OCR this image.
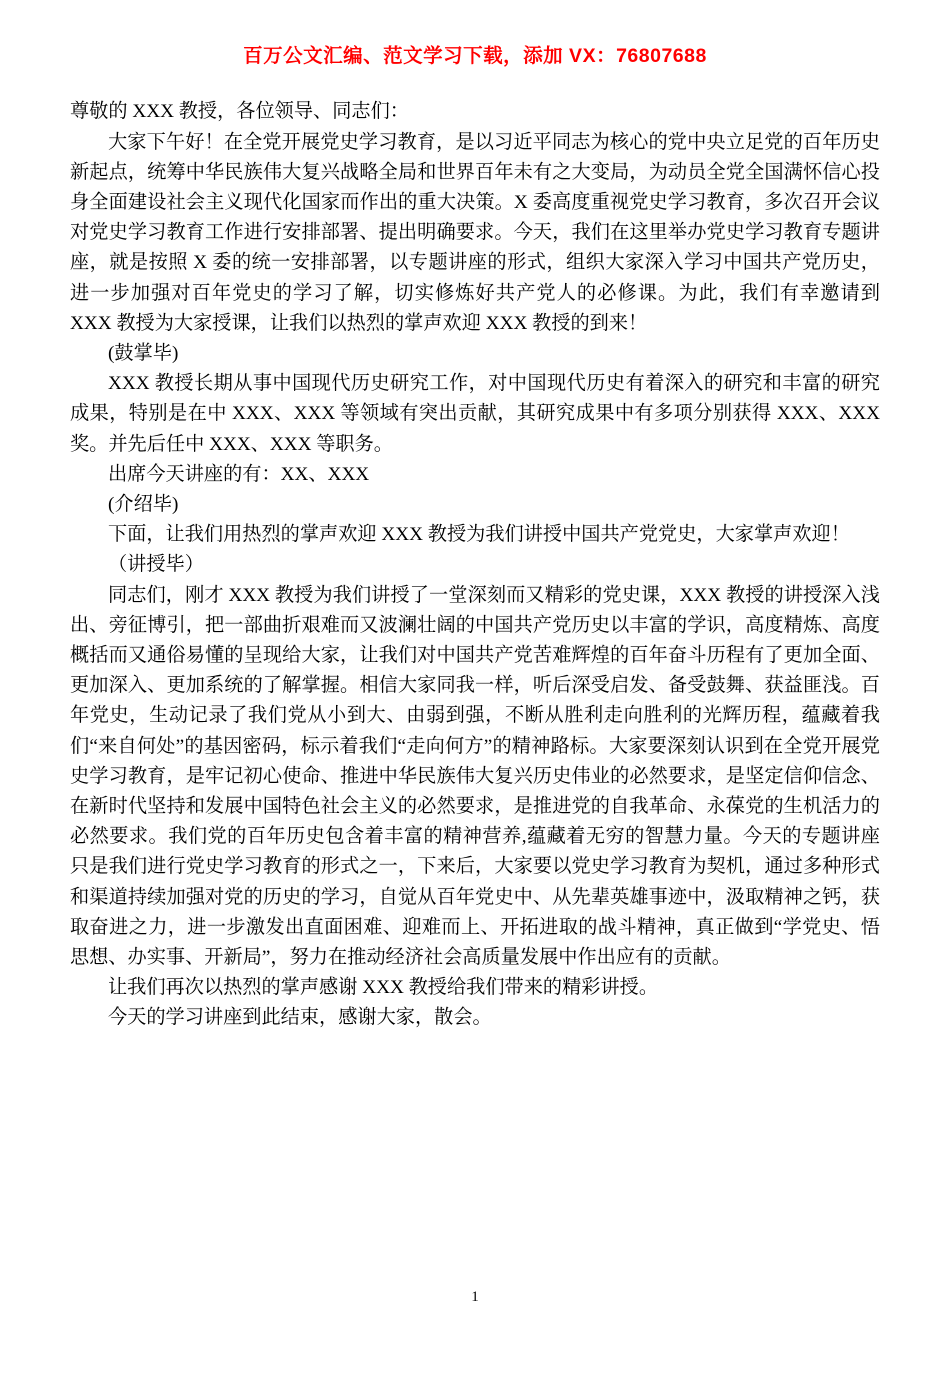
百万公文汇编、范文学习下载，添加 VX：76807688

尊敬的 XXX 教授，各位领导、同志们：

大家下午好！在全党开展党史学习教育，是以习近平同志为核心的党中央立足党的百年历史新起点，统筹中华民族伟大复兴战略全局和世界百年未有之大变局，为动员全党全国满怀信心投身全面建设社会主义现代化国家而作出的重大决策。X 委高度重视党史学习教育，多次召开会议对党史学习教育工作进行安排部署、提出明确要求。今天，我们在这里举办党史学习教育专题讲座，就是按照 X 委的统一安排部署，以专题讲座的形式，组织大家深入学习中国共产党历史，进一步加强对百年党史的学习了解，切实修炼好共产党人的必修课。为此，我们有幸邀请到 XXX 教授为大家授课，让我们以热烈的掌声欢迎 XXX 教授的到来！

(鼓掌毕)

XXX 教授长期从事中国现代历史研究工作，对中国现代历史有着深入的研究和丰富的研究成果，特别是在中 XXX、XXX 等领域有突出贡献，其研究成果中有多项分别获得 XXX、XXX 奖。并先后任中 XXX、XXX 等职务。

出席今天讲座的有：XX、XXX

(介绍毕)

下面，让我们用热烈的掌声欢迎 XXX 教授为我们讲授中国共产党党史，大家掌声欢迎！

（讲授毕）

同志们，刚才 XXX 教授为我们讲授了一堂深刻而又精彩的党史课，XXX 教授的讲授深入浅出、旁征博引，把一部曲折艰难而又波澜壮阔的中国共产党历史以丰富的学识，高度精炼、高度概括而又通俗易懂的呈现给大家，让我们对中国共产党苦难辉煌的百年奋斗历程有了更加全面、更加深入、更加系统的了解掌握。相信大家同我一样，听后深受启发、备受鼓舞、获益匪浅。百年党史，生动记录了我们党从小到大、由弱到强，不断从胜利走向胜利的光辉历程，蕴藏着我们“来自何处”的基因密码，标示着我们“走向何方”的精神路标。大家要深刻认识到在全党开展党史学习教育，是牢记初心使命、推进中华民族伟大复兴历史伟业的必然要求，是坚定信仰信念、在新时代坚持和发展中国特色社会主义的必然要求，是推进党的自我革命、永葆党的生机活力的必然要求。我们党的百年历史包含着丰富的精神营养,蕴藏着无穷的智慧力量。今天的专题讲座只是我们进行党史学习教育的形式之一，下来后，大家要以党史学习教育为契机，通过多种形式和渠道持续加强对党的历史的学习，自觉从百年党史中、从先辈英雄事迹中，汲取精神之钙，获取奋进之力，进一步激发出直面困难、迎难而上、开拓进取的战斗精神，真正做到“学党史、悟思想、办实事、开新局”，努力在推动经济社会高质量发展中作出应有的贡献。

让我们再次以热烈的掌声感谢 XXX 教授给我们带来的精彩讲授。

今天的学习讲座到此结束，感谢大家，散会。

1
